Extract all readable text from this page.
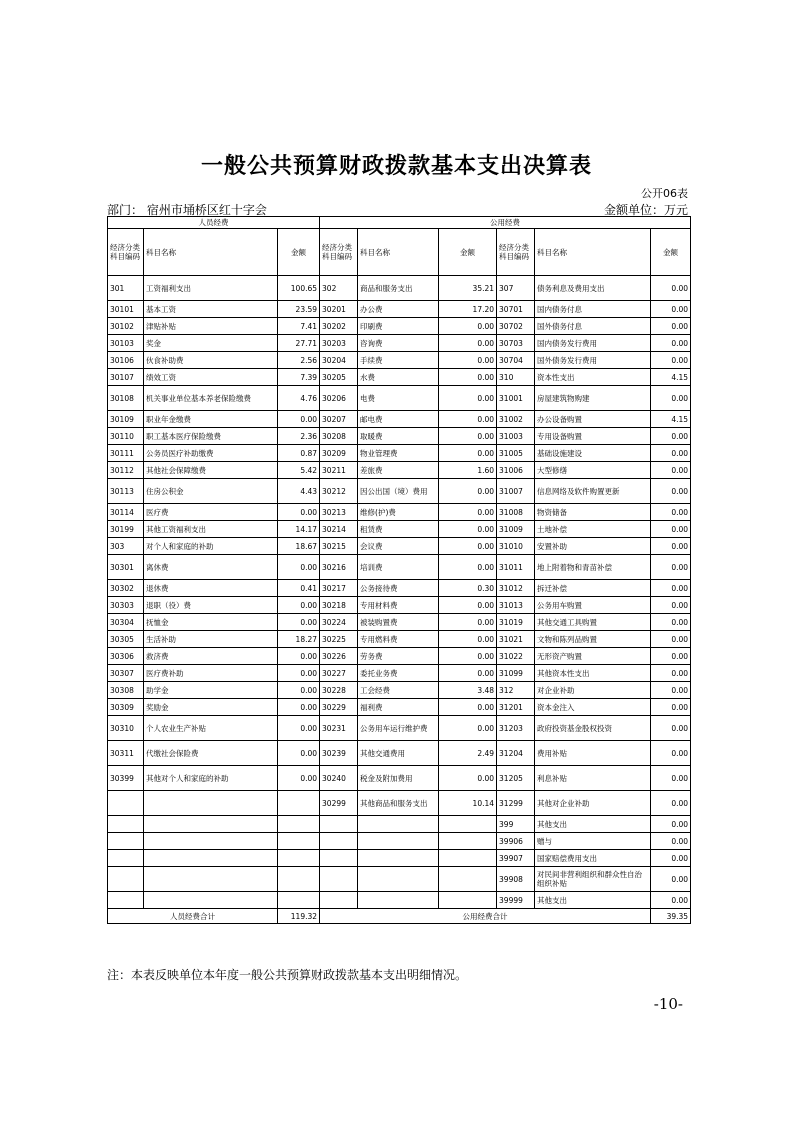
一般公共预算财政拨款基本支出决算表
公开06表
部门： 宿州市埇桥区红十字会	金额单位：万元
人员经费			公用经费					
经济分类科目编码	科目名称	金额	经济分类科目编码	科目名称	金额	经济分类科目编码	科目名称	金额
301	工资福利支出	100.65	302	商品和服务支出	35.21	307	债务利息及费用支出	0.00
30101	基本工资	23.59	30201	办公费	17.20	30701	国内债务付息	0.00
30102	津贴补贴	7.41	30202	印刷费	0.00	30702	国外债务付息	0.00
30103	奖金	27.71	30203	咨询费	0.00	30703	国内债务发行费用	0.00
30106	伙食补助费	2.56	30204	手续费	0.00	30704	国外债务发行费用	0.00
30107	绩效工资	7.39	30205	水费	0.00	310	资本性支出	4.15
30108	机关事业单位基本养老保险缴费	4.76	30206	电费	0.00	31001	房屋建筑物购建	0.00
30109	职业年金缴费	0.00	30207	邮电费	0.00	31002	办公设备购置	4.15
30110	职工基本医疗保险缴费	2.36	30208	取暖费	0.00	31003	专用设备购置	0.00
30111	公务员医疗补助缴费	0.87	30209	物业管理费	0.00	31005	基础设施建设	0.00
30112	其他社会保障缴费	5.42	30211	差旅费	1.60	31006	大型修缮	0.00
30113	住房公积金	4.43	30212	因公出国（境）费用	0.00	31007	信息网络及软件购置更新	0.00
30114	医疗费	0.00	30213	维修(护)费	0.00	31008	物资储备	0.00
30199	其他工资福利支出	14.17	30214	租赁费	0.00	31009	土地补偿	0.00
303	对个人和家庭的补助	18.67	30215	会议费	0.00	31010	安置补助	0.00
30301	离休费	0.00	30216	培训费	0.00	31011	地上附着物和青苗补偿	0.00
30302	退休费	0.41	30217	公务接待费	0.30	31012	拆迁补偿	0.00
30303	退职（役）费	0.00	30218	专用材料费	0.00	31013	公务用车购置	0.00
30304	抚恤金	0.00	30224	被装购置费	0.00	31019	其他交通工具购置	0.00
30305	生活补助	18.27	30225	专用燃料费	0.00	31021	文物和陈列品购置	0.00
30306	救济费	0.00	30226	劳务费	0.00	31022	无形资产购置	0.00
30307	医疗费补助	0.00	30227	委托业务费	0.00	31099	其他资本性支出	0.00
30308	助学金	0.00	30228	工会经费	3.48	312	对企业补助	0.00
30309	奖励金	0.00	30229	福利费	0.00	31201	资本金注入	0.00
30310	个人农业生产补贴	0.00	30231	公务用车运行维护费	0.00	31203	政府投资基金股权投资	0.00
30311	代缴社会保险费	0.00	30239	其他交通费用	2.49	31204	费用补贴	0.00
30399	其他对个人和家庭的补助	0.00	30240	税金及附加费用	0.00	31205	利息补贴	0.00
			30299	其他商品和服务支出	10.14	31299	其他对企业补助	0.00
						399	其他支出	0.00
						39906	赠与	0.00
						39907	国家赔偿费用支出	0.00
						39908	对民间非营利组织和群众性自治组织补贴	0.00
						39999	其他支出	0.00
人员经费合计		119.32	公用经费合计					39.35
注：本表反映单位本年度一般公共预算财政拨款基本支出明细情况。
-10-
